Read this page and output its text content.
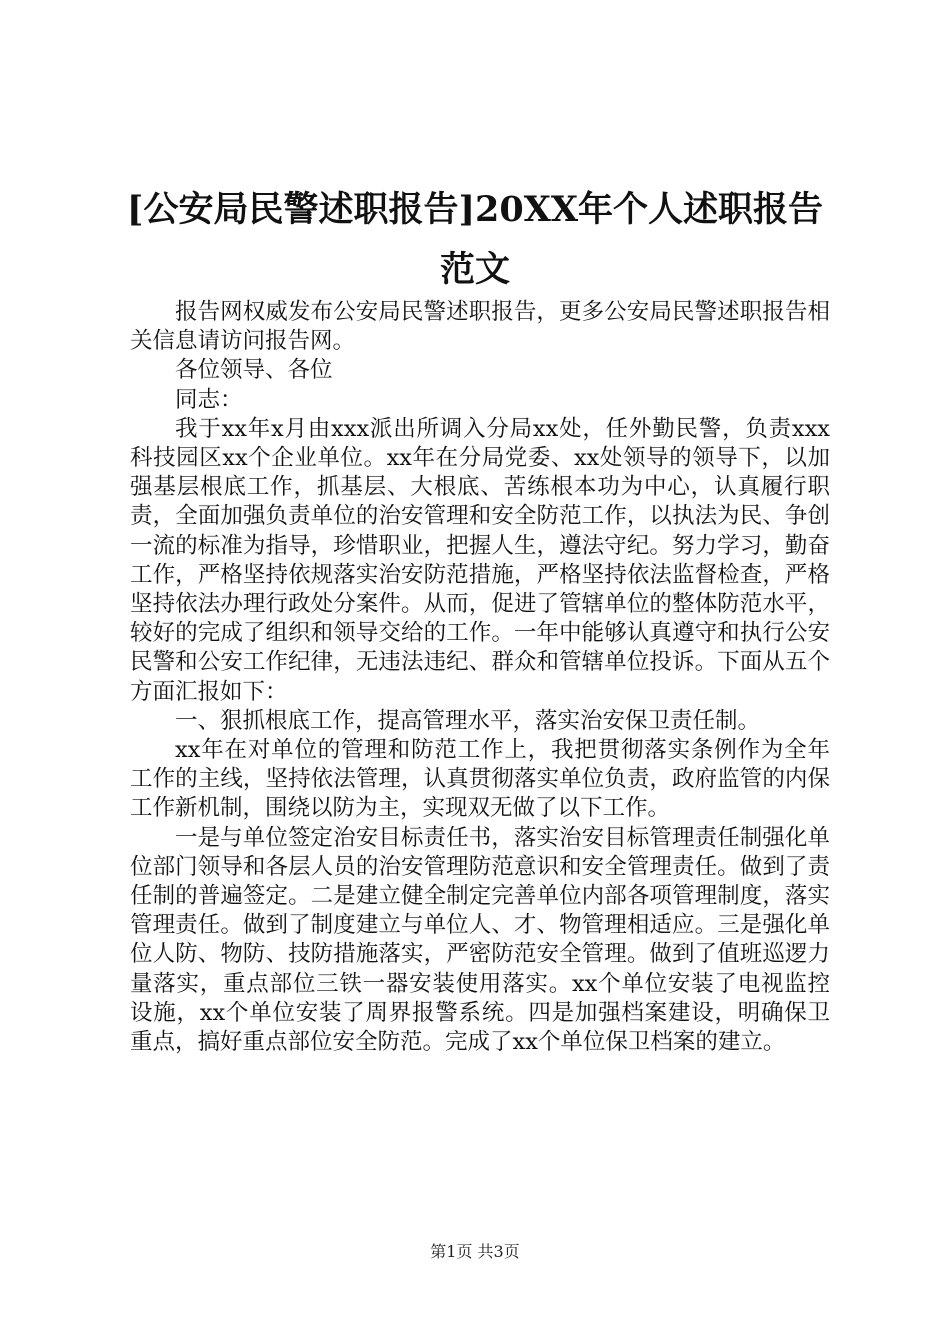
[公安局民警述职报告]20XX年个人述职报告
范文

报告网权威发布公安局民警述职报告，更多公安局民警述职报告相关信息请访问报告网。

各位领导、各位

同志：

我于xx年x月由xxx派出所调入分局xx处，任外勤民警，负责xxx科技园区xx个企业单位。xx年在分局党委、xx处领导的领导下，以加强基层根底工作，抓基层、大根底、苦练根本功为中心，认真履行职责，全面加强负责单位的治安管理和安全防范工作，以执法为民、争创一流的标准为指导，珍惜职业，把握人生，遵法守纪。努力学习，勤奋工作，严格坚持依规落实治安防范措施，严格坚持依法监督检查，严格坚持依法办理行政处分案件。从而，促进了管辖单位的整体防范水平，较好的完成了组织和领导交给的工作。一年中能够认真遵守和执行公安民警和公安工作纪律，无违法违纪、群众和管辖单位投诉。下面从五个方面汇报如下：

一、狠抓根底工作，提高管理水平，落实治安保卫责任制。

xx年在对单位的管理和防范工作上，我把贯彻落实条例作为全年工作的主线，坚持依法管理，认真贯彻落实单位负责，政府监管的内保工作新机制，围绕以防为主，实现双无做了以下工作。

一是与单位签定治安目标责任书，落实治安目标管理责任制强化单位部门领导和各层人员的治安管理防范意识和安全管理责任。做到了责任制的普遍签定。二是建立健全制定完善单位内部各项管理制度，落实管理责任。做到了制度建立与单位人、才、物管理相适应。三是强化单位人防、物防、技防措施落实，严密防范安全管理。做到了值班巡逻力量落实，重点部位三铁一器安装使用落实。xx个单位安装了电视监控设施，xx个单位安装了周界报警系统。四是加强档案建设，明确保卫重点，搞好重点部位安全防范。完成了xx个单位保卫档案的建立。

第1页 共3页
